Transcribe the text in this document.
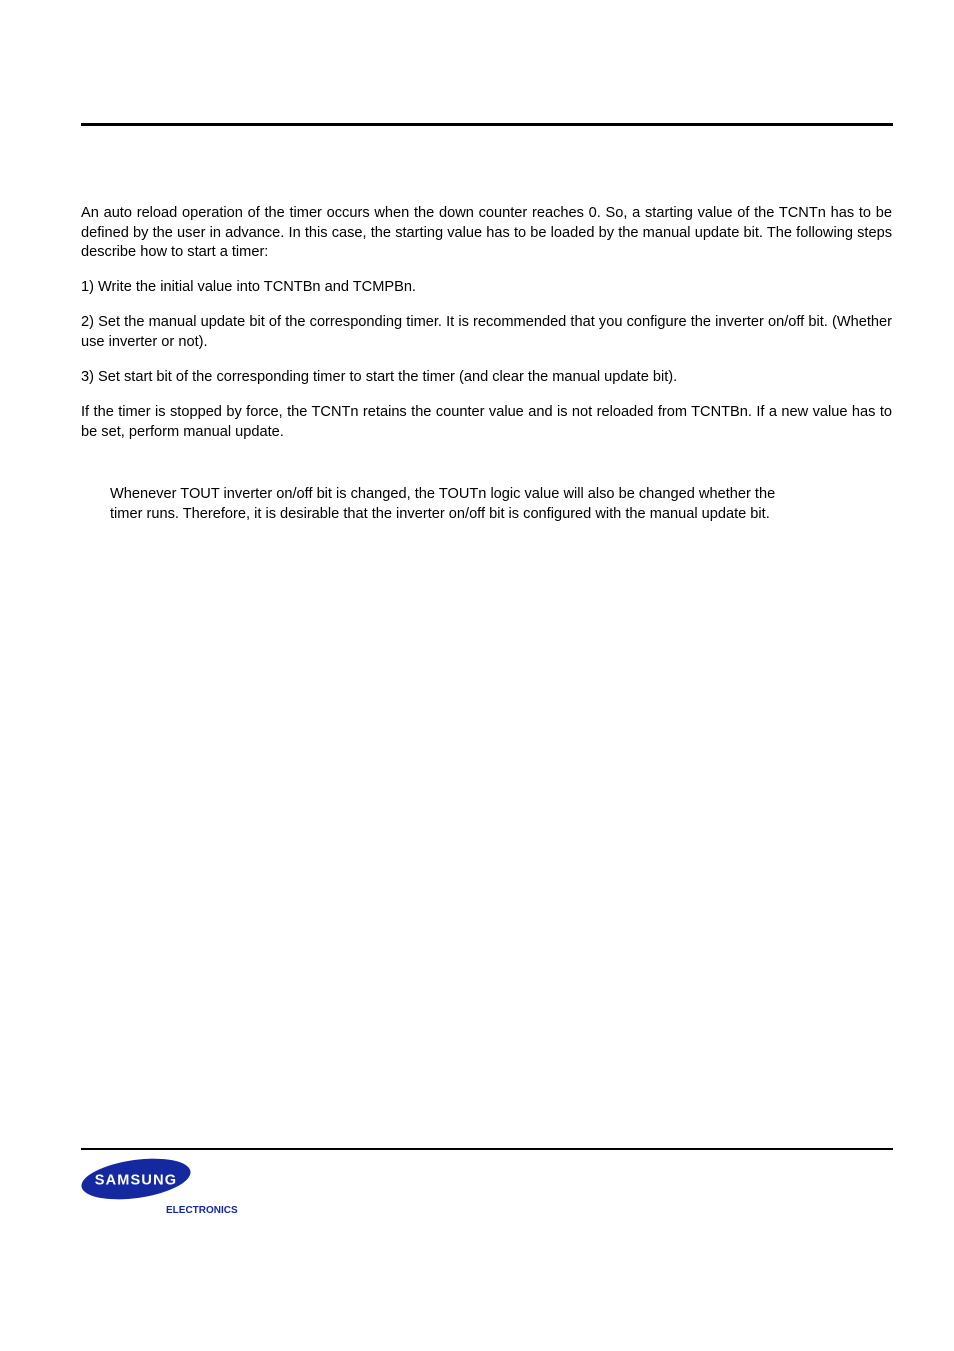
An auto reload operation of the timer occurs when the down counter reaches 0. So, a starting value of the TCNTn has to be defined by the user in advance. In this case, the starting value has to be loaded by the manual update bit. The following steps describe how to start a timer:

1) Write the initial value into TCNTBn and TCMPBn.

2) Set the manual update bit of the corresponding timer. It is recommended that you configure the inverter on/off bit. (Whether use inverter or not).

3) Set start bit of the corresponding timer to start the timer (and clear the manual update bit).

If the timer is stopped by force, the TCNTn retains the counter value and is not reloaded from TCNTBn. If a new value has to be set, perform manual update.

Whenever TOUT inverter on/off bit is changed, the TOUTn logic value will also be changed whether the
timer runs. Therefore, it is desirable that the inverter on/off bit is configured with the manual update bit.
SAMSUNG
ELECTRONICS
